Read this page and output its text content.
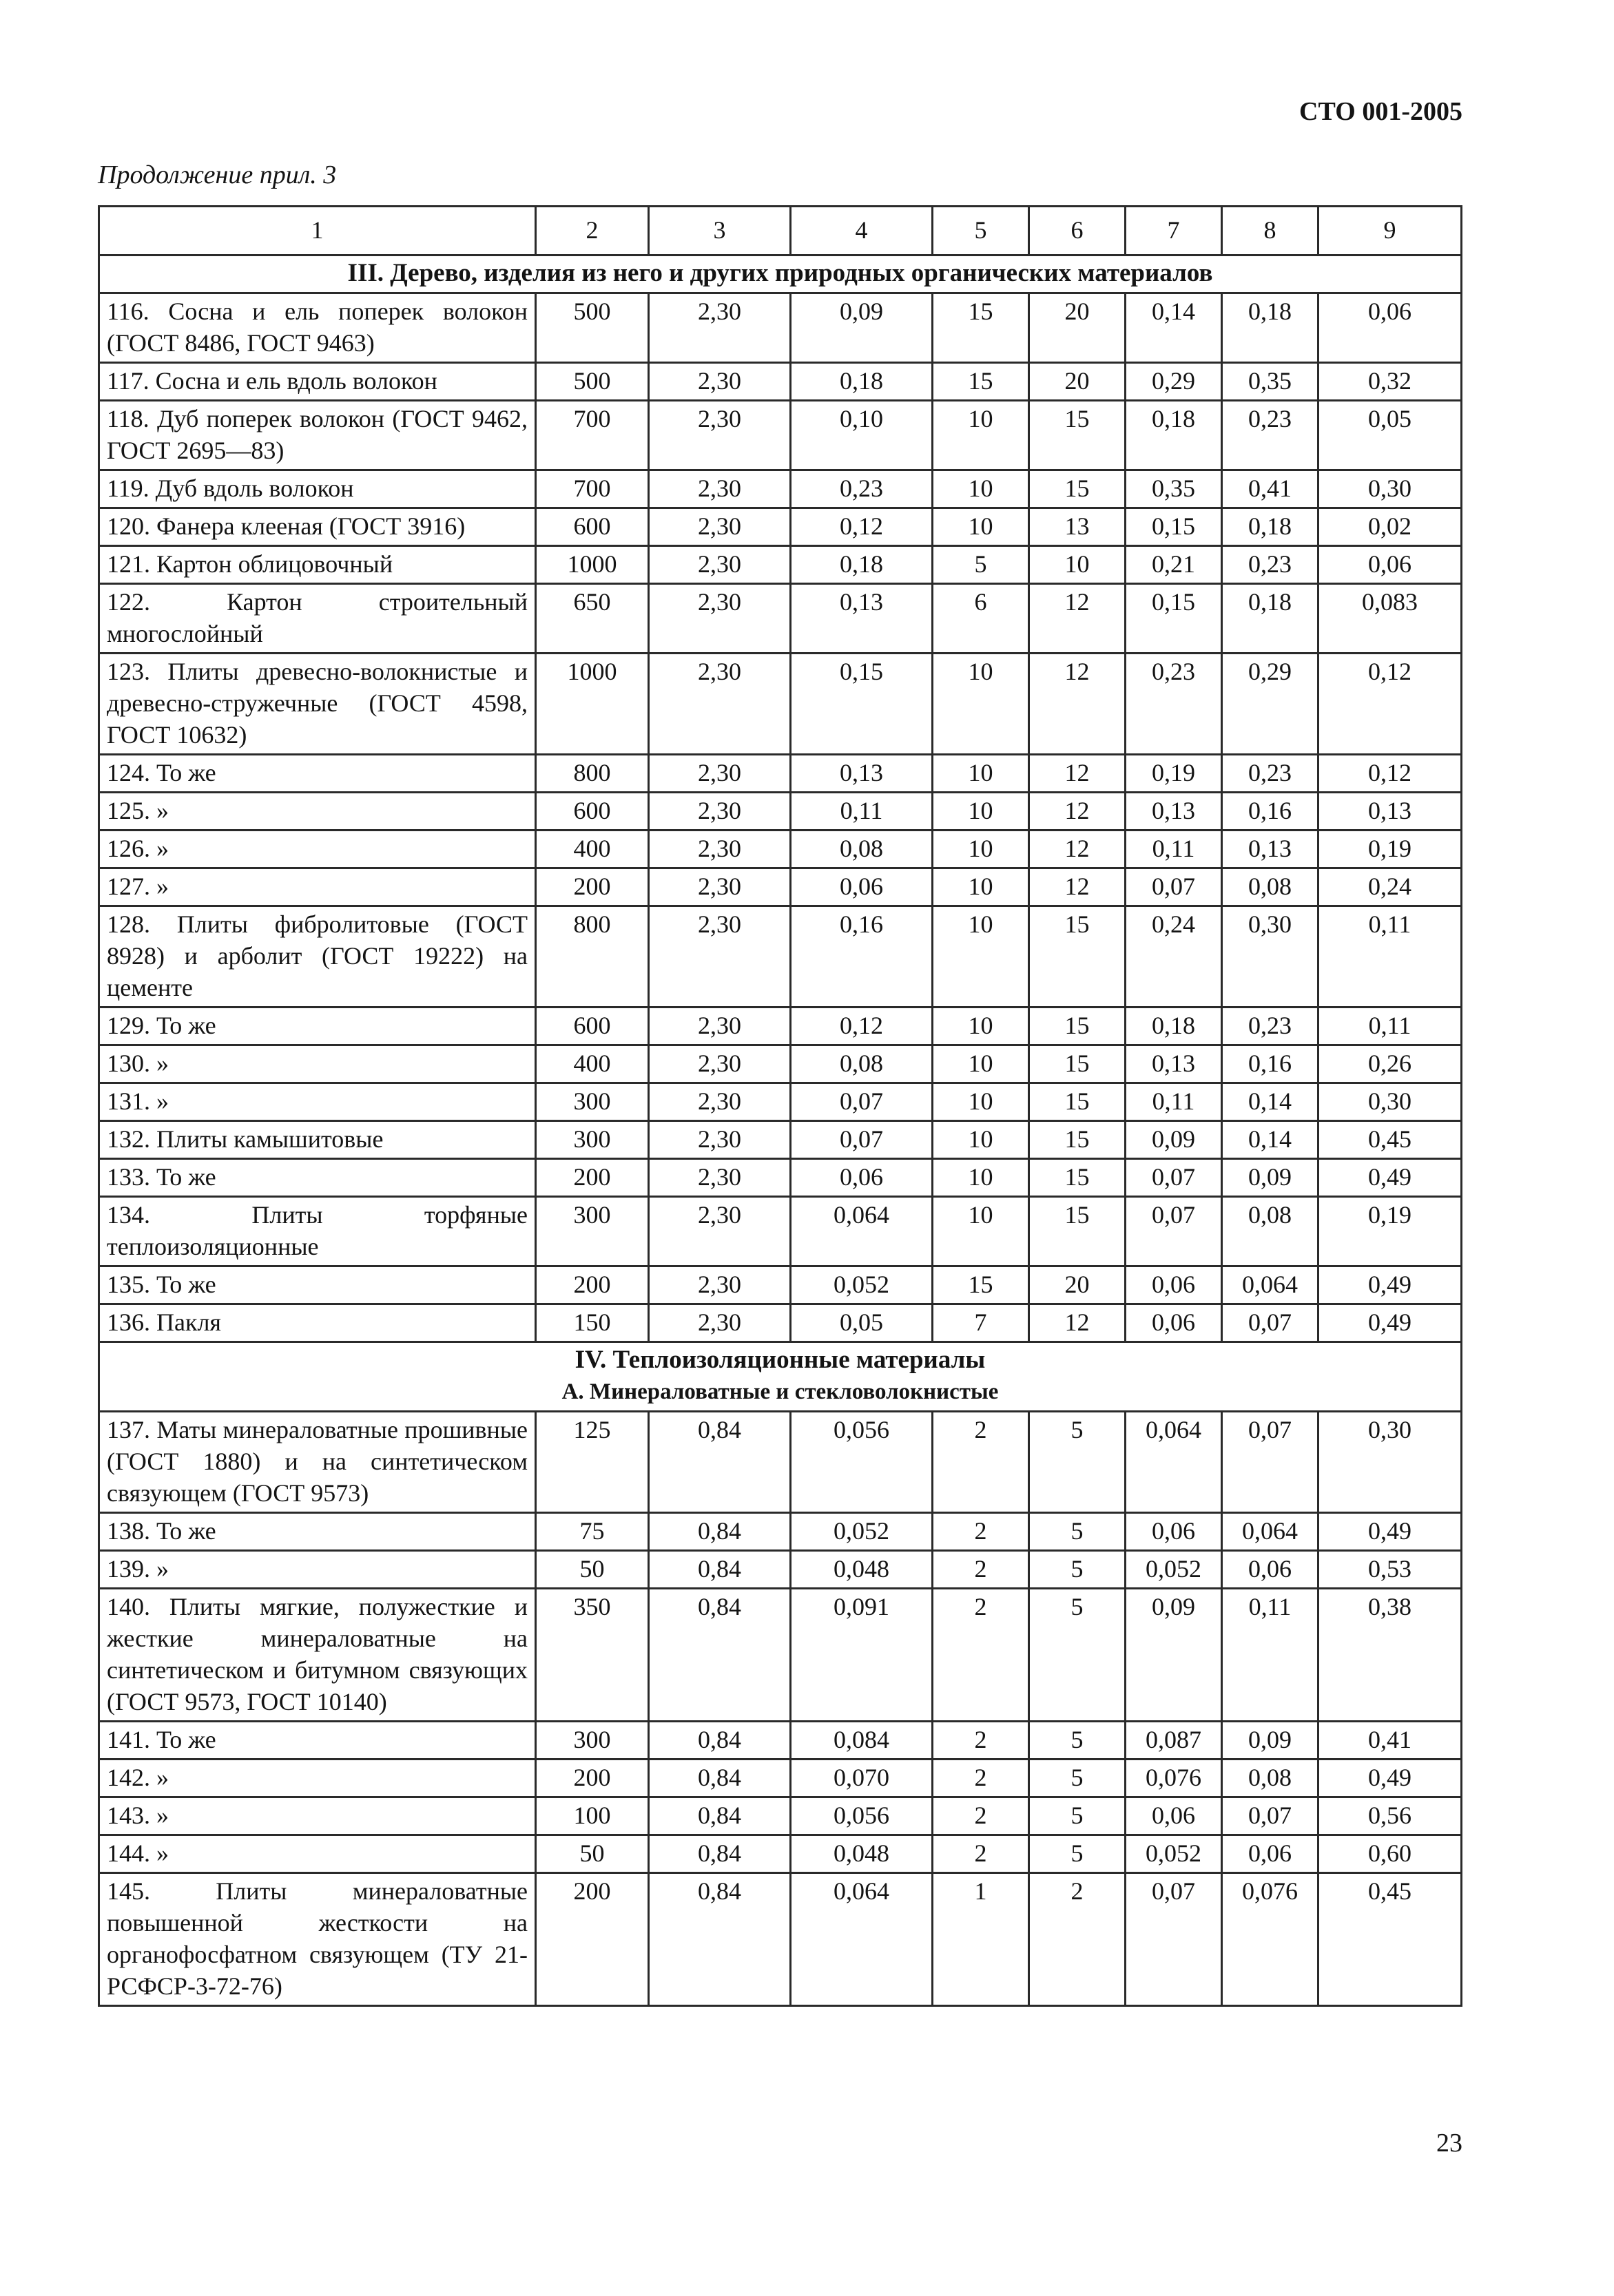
СТО 001-2005
Продолжение прил. 3
1	2	3	4	5	6	7	8	9
III. Дерево, изделия из него и других природных органических материалов								
116. Сосна и ель поперек волокон (ГОСТ 8486, ГОСТ 9463)	500	2,30	0,09	15	20	0,14	0,18	0,06
117. Сосна и ель вдоль волокон	500	2,30	0,18	15	20	0,29	0,35	0,32
118. Дуб поперек волокон (ГОСТ 9462, ГОСТ 2695—83)	700	2,30	0,10	10	15	0,18	0,23	0,05
119. Дуб вдоль волокон	700	2,30	0,23	10	15	0,35	0,41	0,30
120. Фанера клееная (ГОСТ 3916)	600	2,30	0,12	10	13	0,15	0,18	0,02
121. Картон облицовочный	1000	2,30	0,18	5	10	0,21	0,23	0,06
122. Картон строительный многослойный	650	2,30	0,13	6	12	0,15	0,18	0,083
123. Плиты древесно-волокнистые и древесно-стружечные (ГОСТ 4598, ГОСТ 10632)	1000	2,30	0,15	10	12	0,23	0,29	0,12
124. То же	800	2,30	0,13	10	12	0,19	0,23	0,12
125. »	600	2,30	0,11	10	12	0,13	0,16	0,13
126. »	400	2,30	0,08	10	12	0,11	0,13	0,19
127. »	200	2,30	0,06	10	12	0,07	0,08	0,24
128. Плиты фибролитовые (ГОСТ 8928) и арболит (ГОСТ 19222) на цементе	800	2,30	0,16	10	15	0,24	0,30	0,11
129. То же	600	2,30	0,12	10	15	0,18	0,23	0,11
130. »	400	2,30	0,08	10	15	0,13	0,16	0,26
131. »	300	2,30	0,07	10	15	0,11	0,14	0,30
132. Плиты камышитовые	300	2,30	0,07	10	15	0,09	0,14	0,45
133. То же	200	2,30	0,06	10	15	0,07	0,09	0,49
134. Плиты торфяные теплоизоляционные	300	2,30	0,064	10	15	0,07	0,08	0,19
135. То же	200	2,30	0,052	15	20	0,06	0,064	0,49
136. Пакля	150	2,30	0,05	7	12	0,06	0,07	0,49
IV. Теплоизоляционные материалы
А. Минераловатные и стекловолокнистые								

137. Маты минераловатные прошивные (ГОСТ 1880) и на синтетическом связующем (ГОСТ 9573)	125	0,84	0,056	2	5	0,064	0,07	0,30
138. То же	75	0,84	0,052	2	5	0,06	0,064	0,49
139. »	50	0,84	0,048	2	5	0,052	0,06	0,53
140. Плиты мягкие, полужесткие и жесткие минераловатные на синтетическом и битумном связующих (ГОСТ 9573, ГОСТ 10140)	350	0,84	0,091	2	5	0,09	0,11	0,38
141. То же	300	0,84	0,084	2	5	0,087	0,09	0,41
142. »	200	0,84	0,070	2	5	0,076	0,08	0,49
143. »	100	0,84	0,056	2	5	0,06	0,07	0,56
144. »	50	0,84	0,048	2	5	0,052	0,06	0,60
145. Плиты минераловатные повышенной жесткости на органофосфатном связующем (ТУ 21-РСФСР-3-72-76)	200	0,84	0,064	1	2	0,07	0,076	0,45
23
